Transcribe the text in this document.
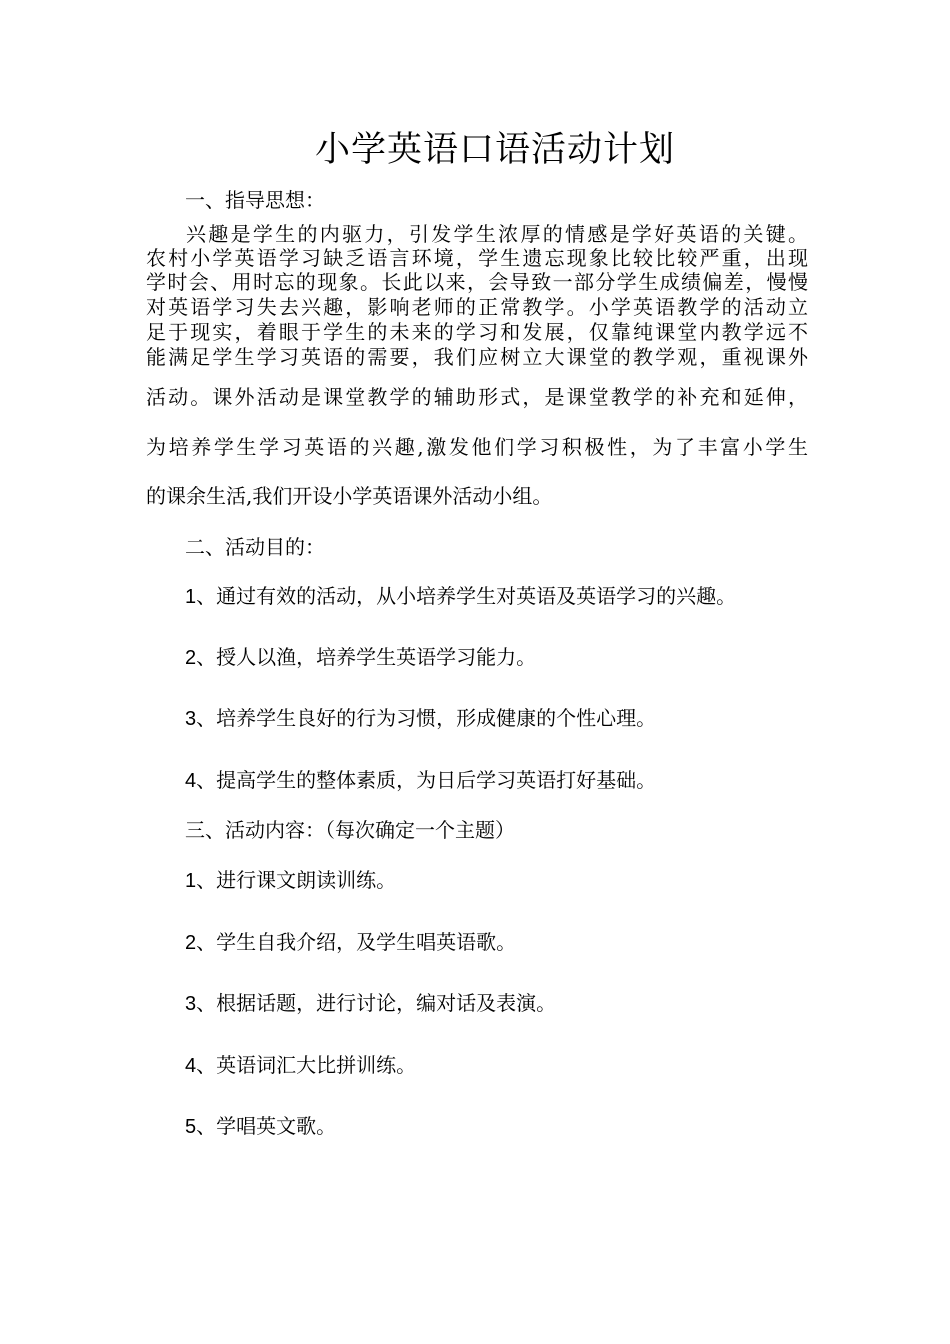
小学英语口语活动计划
一、指导思想：
兴趣是学生的内驱力，引发学生浓厚的情感是学好英语的关键。
农村小学英语学习缺乏语言环境，学生遗忘现象比较比较严重，出现
学时会、用时忘的现象。长此以来，会导致一部分学生成绩偏差，慢慢
对英语学习失去兴趣，影响老师的正常教学。小学英语教学的活动立
足于现实，着眼于学生的未来的学习和发展，仅靠纯课堂内教学远不
能满足学生学习英语的需要，我们应树立大课堂的教学观，重视课外
活动。课外活动是课堂教学的辅助形式，是课堂教学的补充和延伸，
为培养学生学习英语的兴趣,激发他们学习积极性，为了丰富小学生
的课余生活,我们开设小学英语课外活动小组。
二、活动目的：
1、通过有效的活动，从小培养学生对英语及英语学习的兴趣。
2、授人以渔，培养学生英语学习能力。
3、培养学生良好的行为习惯，形成健康的个性心理。
4、提高学生的整体素质，为日后学习英语打好基础。
三、活动内容：（每次确定一个主题）
1、进行课文朗读训练。
2、学生自我介绍，及学生唱英语歌。
3、根据话题，进行讨论，编对话及表演。
4、英语词汇大比拼训练。
5、学唱英文歌。
